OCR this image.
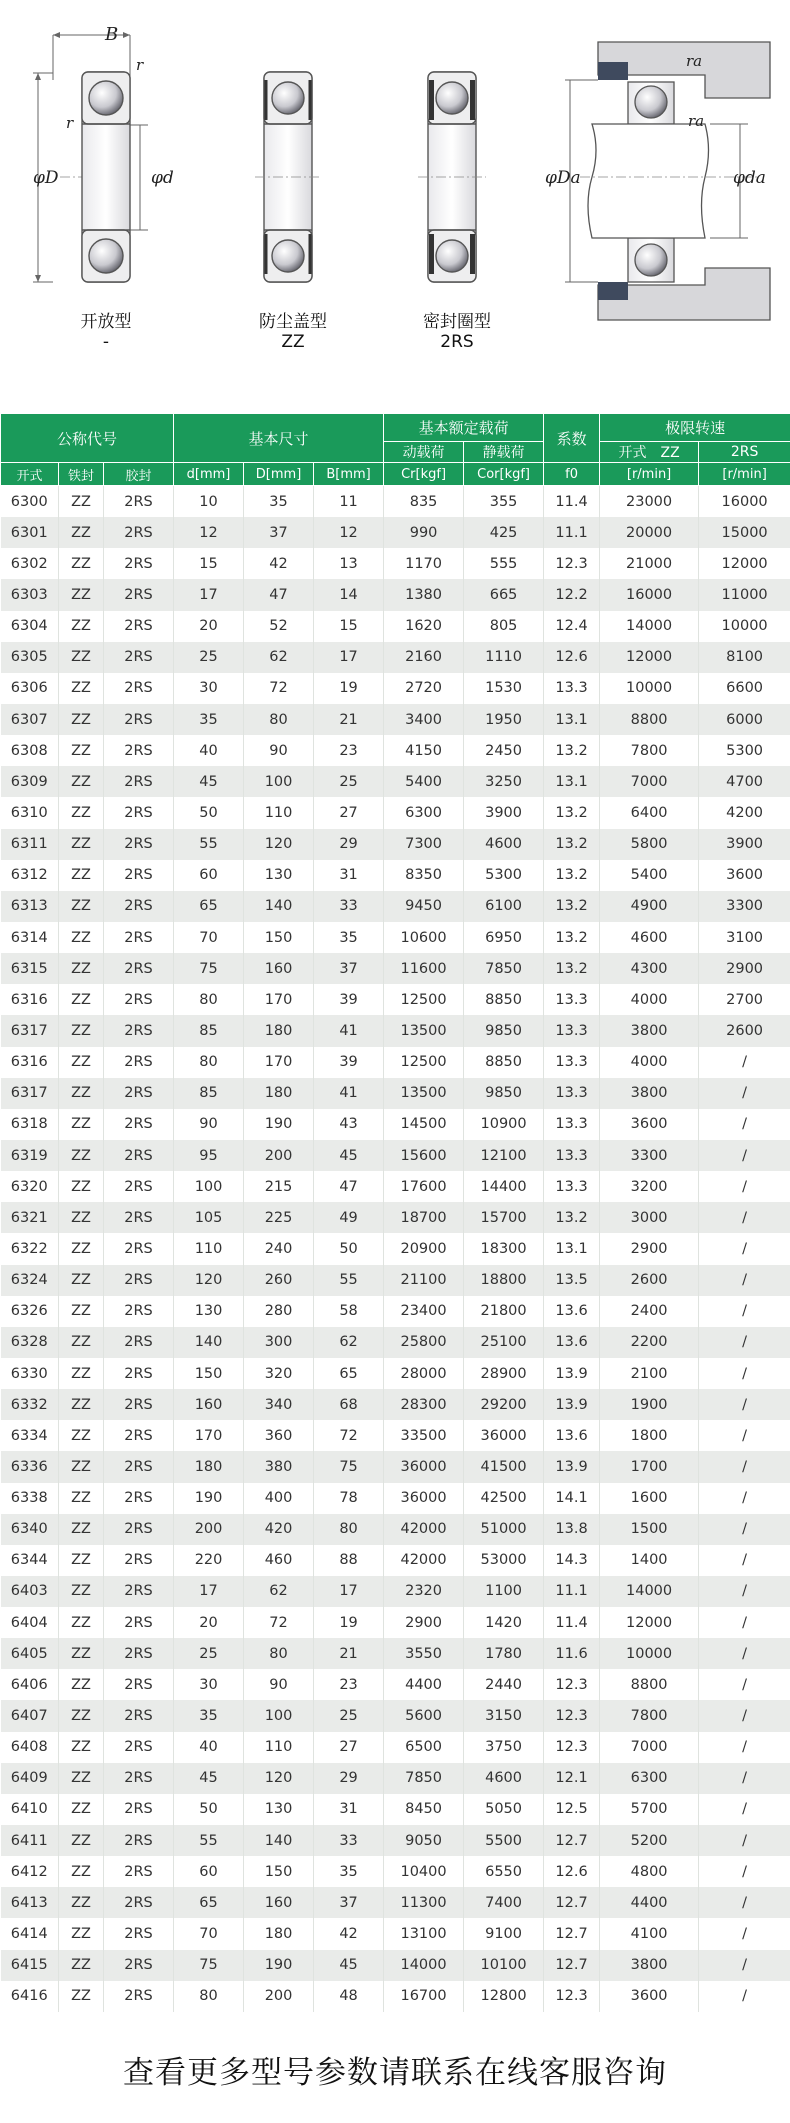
B
r
r
φD	φd
ra
ra
φDa	φda
开放型
-
防尘盖型
ZZ
密封圈型
2RS
公称代号			基本尺寸			基本额定载荷		系数	极限转速	
						动载荷	静载荷		开式　ZZ	2RS
开式	铁封	胶封	d[mm]	D[mm]	B[mm]	Cr[kgf]	Cor[kgf]	f0	[r/min]	[r/min]
6300	ZZ	2RS	10	35	11	835	355	11.4	23000	16000
6301	ZZ	2RS	12	37	12	990	425	11.1	20000	15000
6302	ZZ	2RS	15	42	13	1170	555	12.3	21000	12000
6303	ZZ	2RS	17	47	14	1380	665	12.2	16000	11000
6304	ZZ	2RS	20	52	15	1620	805	12.4	14000	10000
6305	ZZ	2RS	25	62	17	2160	1110	12.6	12000	8100
6306	ZZ	2RS	30	72	19	2720	1530	13.3	10000	6600
6307	ZZ	2RS	35	80	21	3400	1950	13.1	8800	6000
6308	ZZ	2RS	40	90	23	4150	2450	13.2	7800	5300
6309	ZZ	2RS	45	100	25	5400	3250	13.1	7000	4700
6310	ZZ	2RS	50	110	27	6300	3900	13.2	6400	4200
6311	ZZ	2RS	55	120	29	7300	4600	13.2	5800	3900
6312	ZZ	2RS	60	130	31	8350	5300	13.2	5400	3600
6313	ZZ	2RS	65	140	33	9450	6100	13.2	4900	3300
6314	ZZ	2RS	70	150	35	10600	6950	13.2	4600	3100
6315	ZZ	2RS	75	160	37	11600	7850	13.2	4300	2900
6316	ZZ	2RS	80	170	39	12500	8850	13.3	4000	2700
6317	ZZ	2RS	85	180	41	13500	9850	13.3	3800	2600
6316	ZZ	2RS	80	170	39	12500	8850	13.3	4000	/
6317	ZZ	2RS	85	180	41	13500	9850	13.3	3800	/
6318	ZZ	2RS	90	190	43	14500	10900	13.3	3600	/
6319	ZZ	2RS	95	200	45	15600	12100	13.3	3300	/
6320	ZZ	2RS	100	215	47	17600	14400	13.3	3200	/
6321	ZZ	2RS	105	225	49	18700	15700	13.2	3000	/
6322	ZZ	2RS	110	240	50	20900	18300	13.1	2900	/
6324	ZZ	2RS	120	260	55	21100	18800	13.5	2600	/
6326	ZZ	2RS	130	280	58	23400	21800	13.6	2400	/
6328	ZZ	2RS	140	300	62	25800	25100	13.6	2200	/
6330	ZZ	2RS	150	320	65	28000	28900	13.9	2100	/
6332	ZZ	2RS	160	340	68	28300	29200	13.9	1900	/
6334	ZZ	2RS	170	360	72	33500	36000	13.6	1800	/
6336	ZZ	2RS	180	380	75	36000	41500	13.9	1700	/
6338	ZZ	2RS	190	400	78	36000	42500	14.1	1600	/
6340	ZZ	2RS	200	420	80	42000	51000	13.8	1500	/
6344	ZZ	2RS	220	460	88	42000	53000	14.3	1400	/
6403	ZZ	2RS	17	62	17	2320	1100	11.1	14000	/
6404	ZZ	2RS	20	72	19	2900	1420	11.4	12000	/
6405	ZZ	2RS	25	80	21	3550	1780	11.6	10000	/
6406	ZZ	2RS	30	90	23	4400	2440	12.3	8800	/
6407	ZZ	2RS	35	100	25	5600	3150	12.3	7800	/
6408	ZZ	2RS	40	110	27	6500	3750	12.3	7000	/
6409	ZZ	2RS	45	120	29	7850	4600	12.1	6300	/
6410	ZZ	2RS	50	130	31	8450	5050	12.5	5700	/
6411	ZZ	2RS	55	140	33	9050	5500	12.7	5200	/
6412	ZZ	2RS	60	150	35	10400	6550	12.6	4800	/
6413	ZZ	2RS	65	160	37	11300	7400	12.7	4400	/
6414	ZZ	2RS	70	180	42	13100	9100	12.7	4100	/
6415	ZZ	2RS	75	190	45	14000	10100	12.7	3800	/
6416	ZZ	2RS	80	200	48	16700	12800	12.3	3600	/
查看更多型号参数请联系在线客服咨询
